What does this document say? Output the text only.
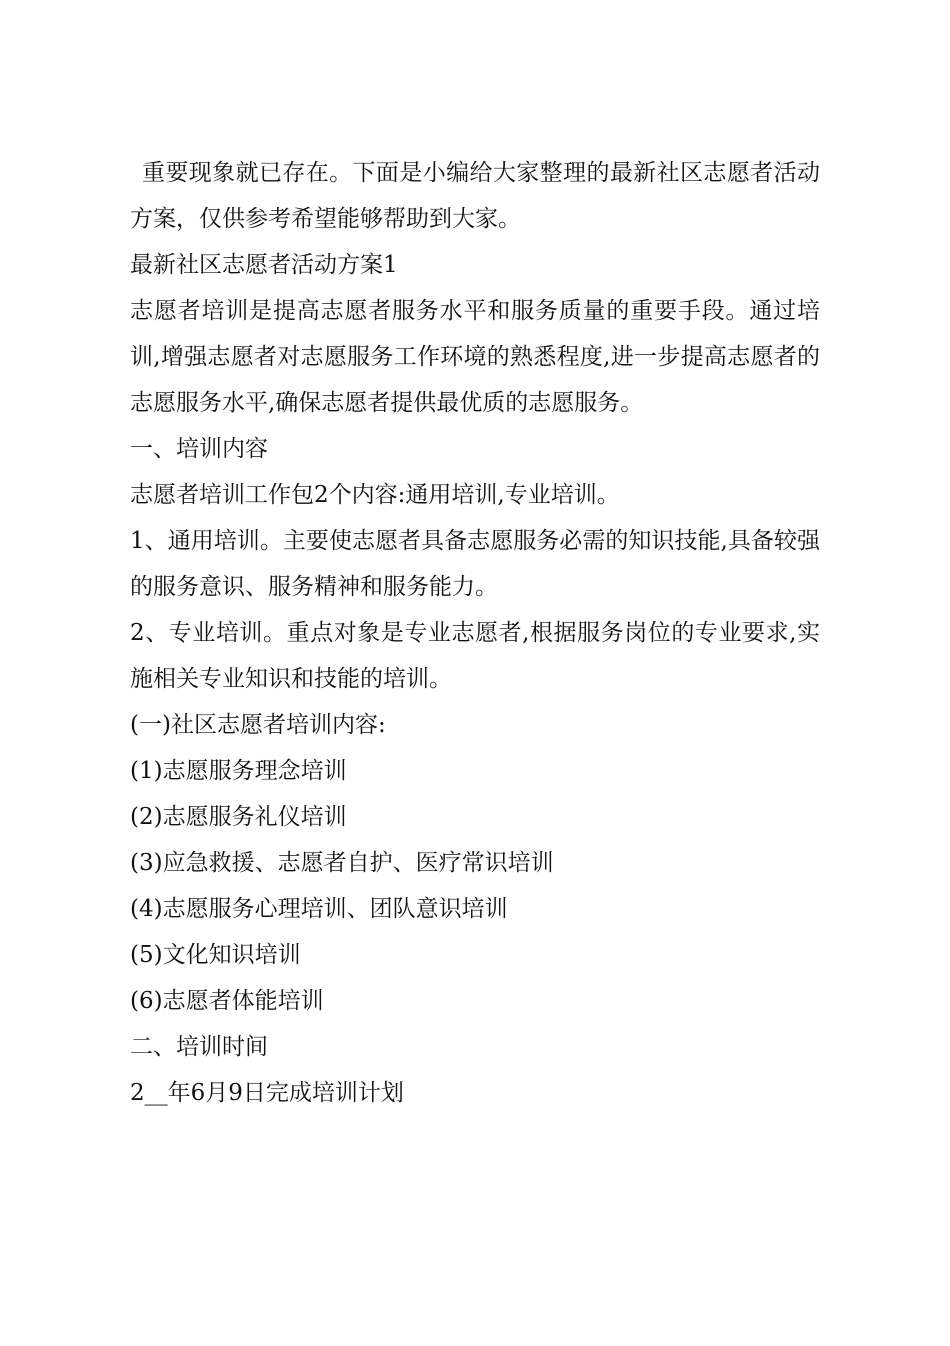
重要现象就已存在。下面是小编给大家整理的最新社区志愿者活动方案，仅供参考希望能够帮助到大家。

最新社区志愿者活动方案1

志愿者培训是提高志愿者服务水平和服务质量的重要手段。通过培训,增强志愿者对志愿服务工作环境的熟悉程度,进一步提高志愿者的志愿服务水平,确保志愿者提供最优质的志愿服务。

一、培训内容

志愿者培训工作包2个内容:通用培训,专业培训。

1、通用培训。主要使志愿者具备志愿服务必需的知识技能,具备较强的服务意识、服务精神和服务能力。

2、专业培训。重点对象是专业志愿者,根据服务岗位的专业要求,实施相关专业知识和技能的培训。

(一)社区志愿者培训内容:

(1)志愿服务理念培训

(2)志愿服务礼仪培训

(3)应急救援、志愿者自护、医疗常识培训

(4)志愿服务心理培训、团队意识培训

(5)文化知识培训

(6)志愿者体能培训

二、培训时间

2__年6月9日完成培训计划
